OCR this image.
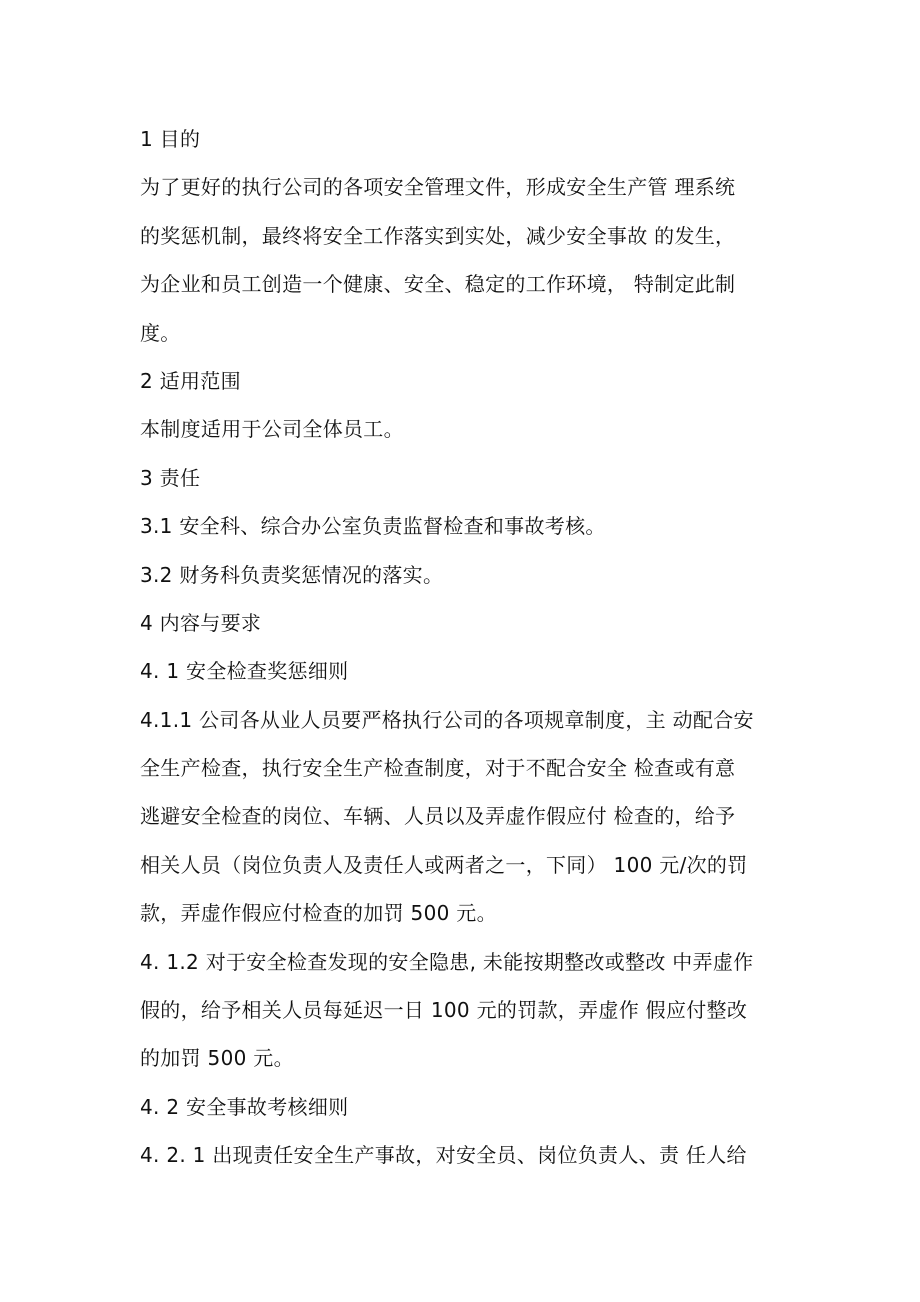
1 目的
为了更好的执行公司的各项安全管理文件，形成安全生产管 理系统
的奖惩机制，最终将安全工作落实到实处，减少安全事故 的发生，
为企业和员工创造一个健康、安全、稳定的工作环境， 特制定此制
度。
2 适用范围
本制度适用于公司全体员工。
3 责任
3.1 安全科、综合办公室负责监督检查和事故考核。
3.2 财务科负责奖惩情况的落实。
4 内容与要求
4. 1 安全检查奖惩细则
4.1.1 公司各从业人员要严格执行公司的各项规章制度，主 动配合安
全生产检查，执行安全生产检查制度，对于不配合安全 检查或有意
逃避安全检查的岗位、车辆、人员以及弄虚作假应付 检查的，给予
相关人员（岗位负责人及责任人或两者之一，下同） 100 元/次的罚
款，弄虚作假应付检查的加罚 500 元。
4. 1.2 对于安全检查发现的安全隐患, 未能按期整改或整改 中弄虚作
假的，给予相关人员每延迟一日 100 元的罚款，弄虚作 假应付整改
的加罚 500 元。
4. 2 安全事故考核细则
4. 2. 1 出现责任安全生产事故，对安全员、岗位负责人、责 任人给
